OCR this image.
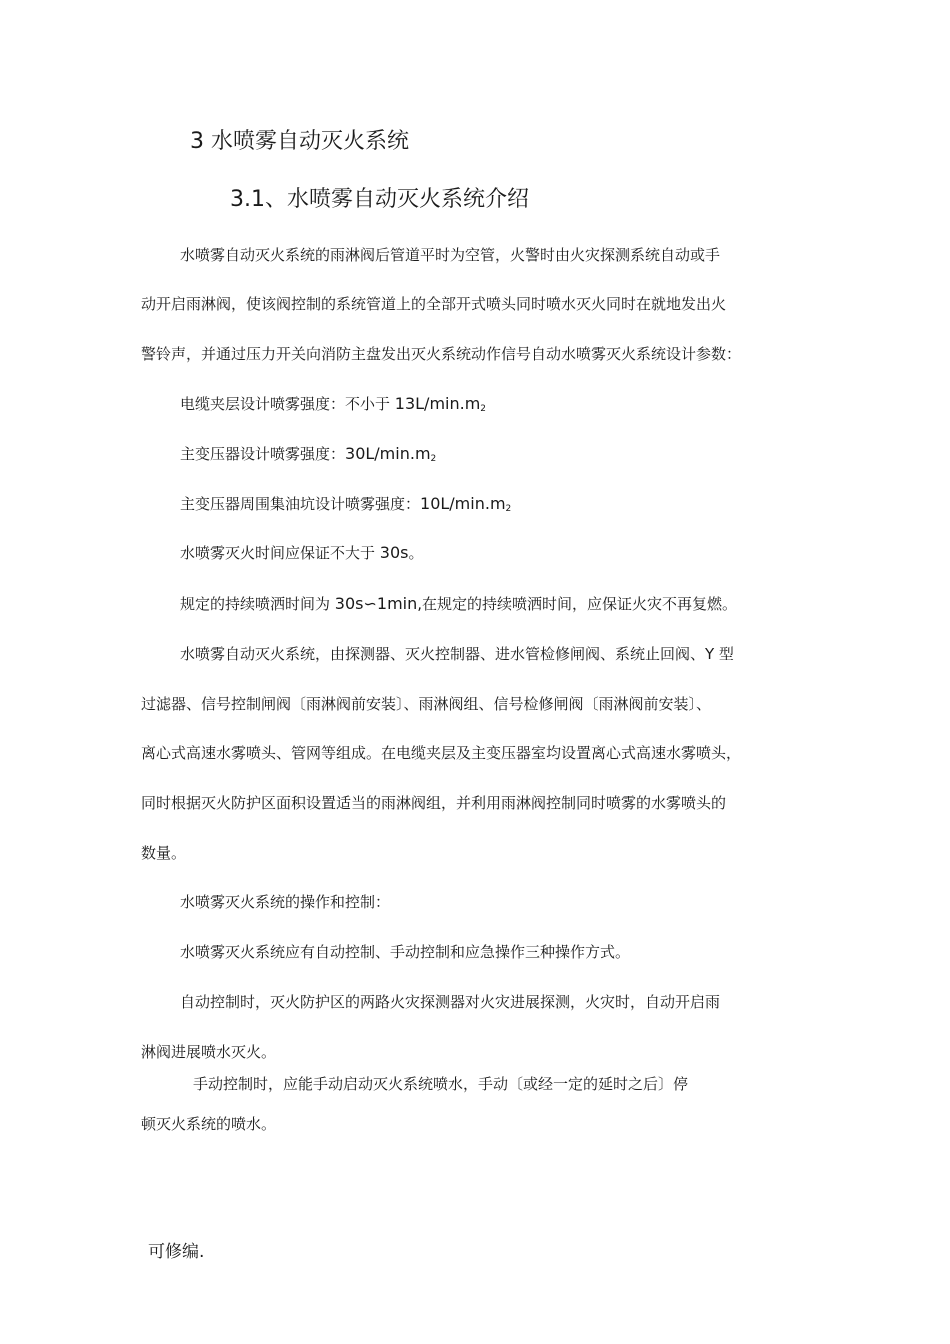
3 水喷雾自动灭火系统
3.1、水喷雾自动灭火系统介绍
水喷雾自动灭火系统的雨淋阀后管道平时为空管，火警时由火灾探测系统自动或手
动开启雨淋阀，使该阀控制的系统管道上的全部开式喷头同时喷水灭火同时在就地发出火
警铃声，并通过压力开关向消防主盘发出灭火系统动作信号自动水喷雾灭火系统设计参数：
电缆夹层设计喷雾强度：不小于 $13L/\min.m_2$
主变压器设计喷雾强度：$30L/\min.m_2$
主变压器周围集油坑设计喷雾强度：$10L/\min.m_2$
水喷雾灭火时间应保证不大于 30s。
规定的持续喷洒时间为 30s∽1min,在规定的持续喷洒时间，应保证火灾不再复燃。
水喷雾自动灭火系统，由探测器、灭火控制器、进水管检修闸阀、系统止回阀、Y 型
过滤器、信号控制闸阀〔雨淋阀前安装〕、雨淋阀组、信号检修闸阀〔雨淋阀前安装〕、
离心式高速水雾喷头、管网等组成。在电缆夹层及主变压器室均设置离心式高速水雾喷头，
同时根据灭火防护区面积设置适当的雨淋阀组，并利用雨淋阀控制同时喷雾的水雾喷头的
数量。
水喷雾灭火系统的操作和控制：
水喷雾灭火系统应有自动控制、手动控制和应急操作三种操作方式。
自动控制时，灭火防护区的两路火灾探测器对火灾进展探测，火灾时，自动开启雨
淋阀进展喷水灭火。
手动控制时，应能手动启动灭火系统喷水，手动〔或经一定的延时之后〕停
顿灭火系统的喷水。
可修编.
